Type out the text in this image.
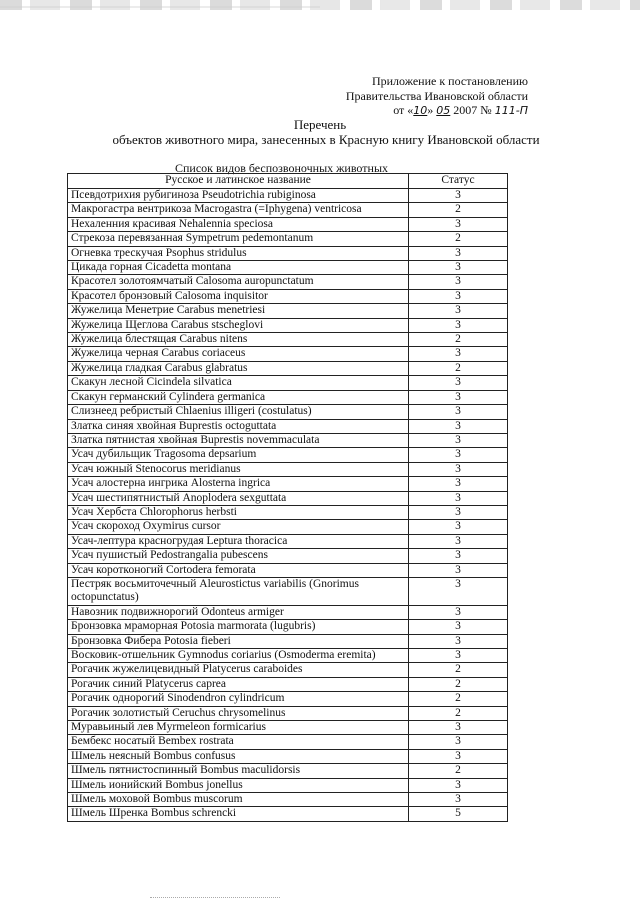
Приложение к постановлению
Правительства Ивановской области
от «10» 05 2007 № 111-П
Перечень
объектов животного мира, занесенных в Красную книгу Ивановской области
Список видов беспозвоночных животных
Русское и латинское название	Статус
Псевдотрихия рубигиноза Pseudotrichia rubiginosa	3
Макрогастра вентрикоза Macrogastra (=Iphygena) ventricosa	2
Нехаленния красивая Nehalennia speciosa	3
Стрекоза перевязанная Sympetrum pedemontanum	2
Огневка трескучая Psophus stridulus	3
Цикада горная Cicadetta montana	3
Красотел золотоямчатый Calosoma auropunctatum	3
Красотел бронзовый Calosoma inquisitor	3
Жужелица Менетрие Carabus menetriesi	3
Жужелица Щеглова Carabus stscheglovi	3
Жужелица блестящая Carabus nitens	2
Жужелица черная Carabus coriaceus	3
Жужелица гладкая Carabus glabratus	2
Скакун лесной Cicindela silvatica	3
Скакун германский Cylindera germanica	3
Слизнеед ребристый Chlaenius illigeri (costulatus)	3
Златка синяя хвойная Buprestis octoguttata	3
Златка пятнистая хвойная Buprestis novemmaculata	3
Усач дубильщик Tragosoma depsarium	3
Усач южный Stenocorus meridianus	3
Усач алостерна ингрика Alosterna ingrica	3
Усач шестипятнистый Anoplodera sexguttata	3
Усач Хербста Chlorophorus herbsti	3
Усач скороход Oxymirus cursor	3
Усач-лептура красногрудая Leptura thoracica	3
Усач пушистый Pedostrangalia pubescens	3
Усач коротконогий Cortodera femorata	3
Пестряк восьмиточечный Aleurostictus variabilis (Gnorimus octopunctatus)	3
Навозник подвижнорогий Odonteus armiger	3
Бронзовка мраморная Potosia marmorata (lugubris)	3
Бронзовка Фибера Potosia fieberi	3
Восковик-отшельник Gymnodus coriarius (Osmoderma eremita)	3
Рогачик жужелицевидный Platycerus caraboides	2
Рогачик синий Platycerus caprea	2
Рогачик однорогий Sinodendron cylindricum	2
Рогачик золотистый Ceruchus chrysomelinus	2
Муравьиный лев Myrmeleon formicarius	3
Бембекс носатый Bembex rostrata	3
Шмель неясный Bombus confusus	3
Шмель пятнистоспинный Bombus maculidorsis	2
Шмель ионийский Bombus jonellus	3
Шмель моховой Bombus muscorum	3
Шмель Шренка Bombus schrencki	5
